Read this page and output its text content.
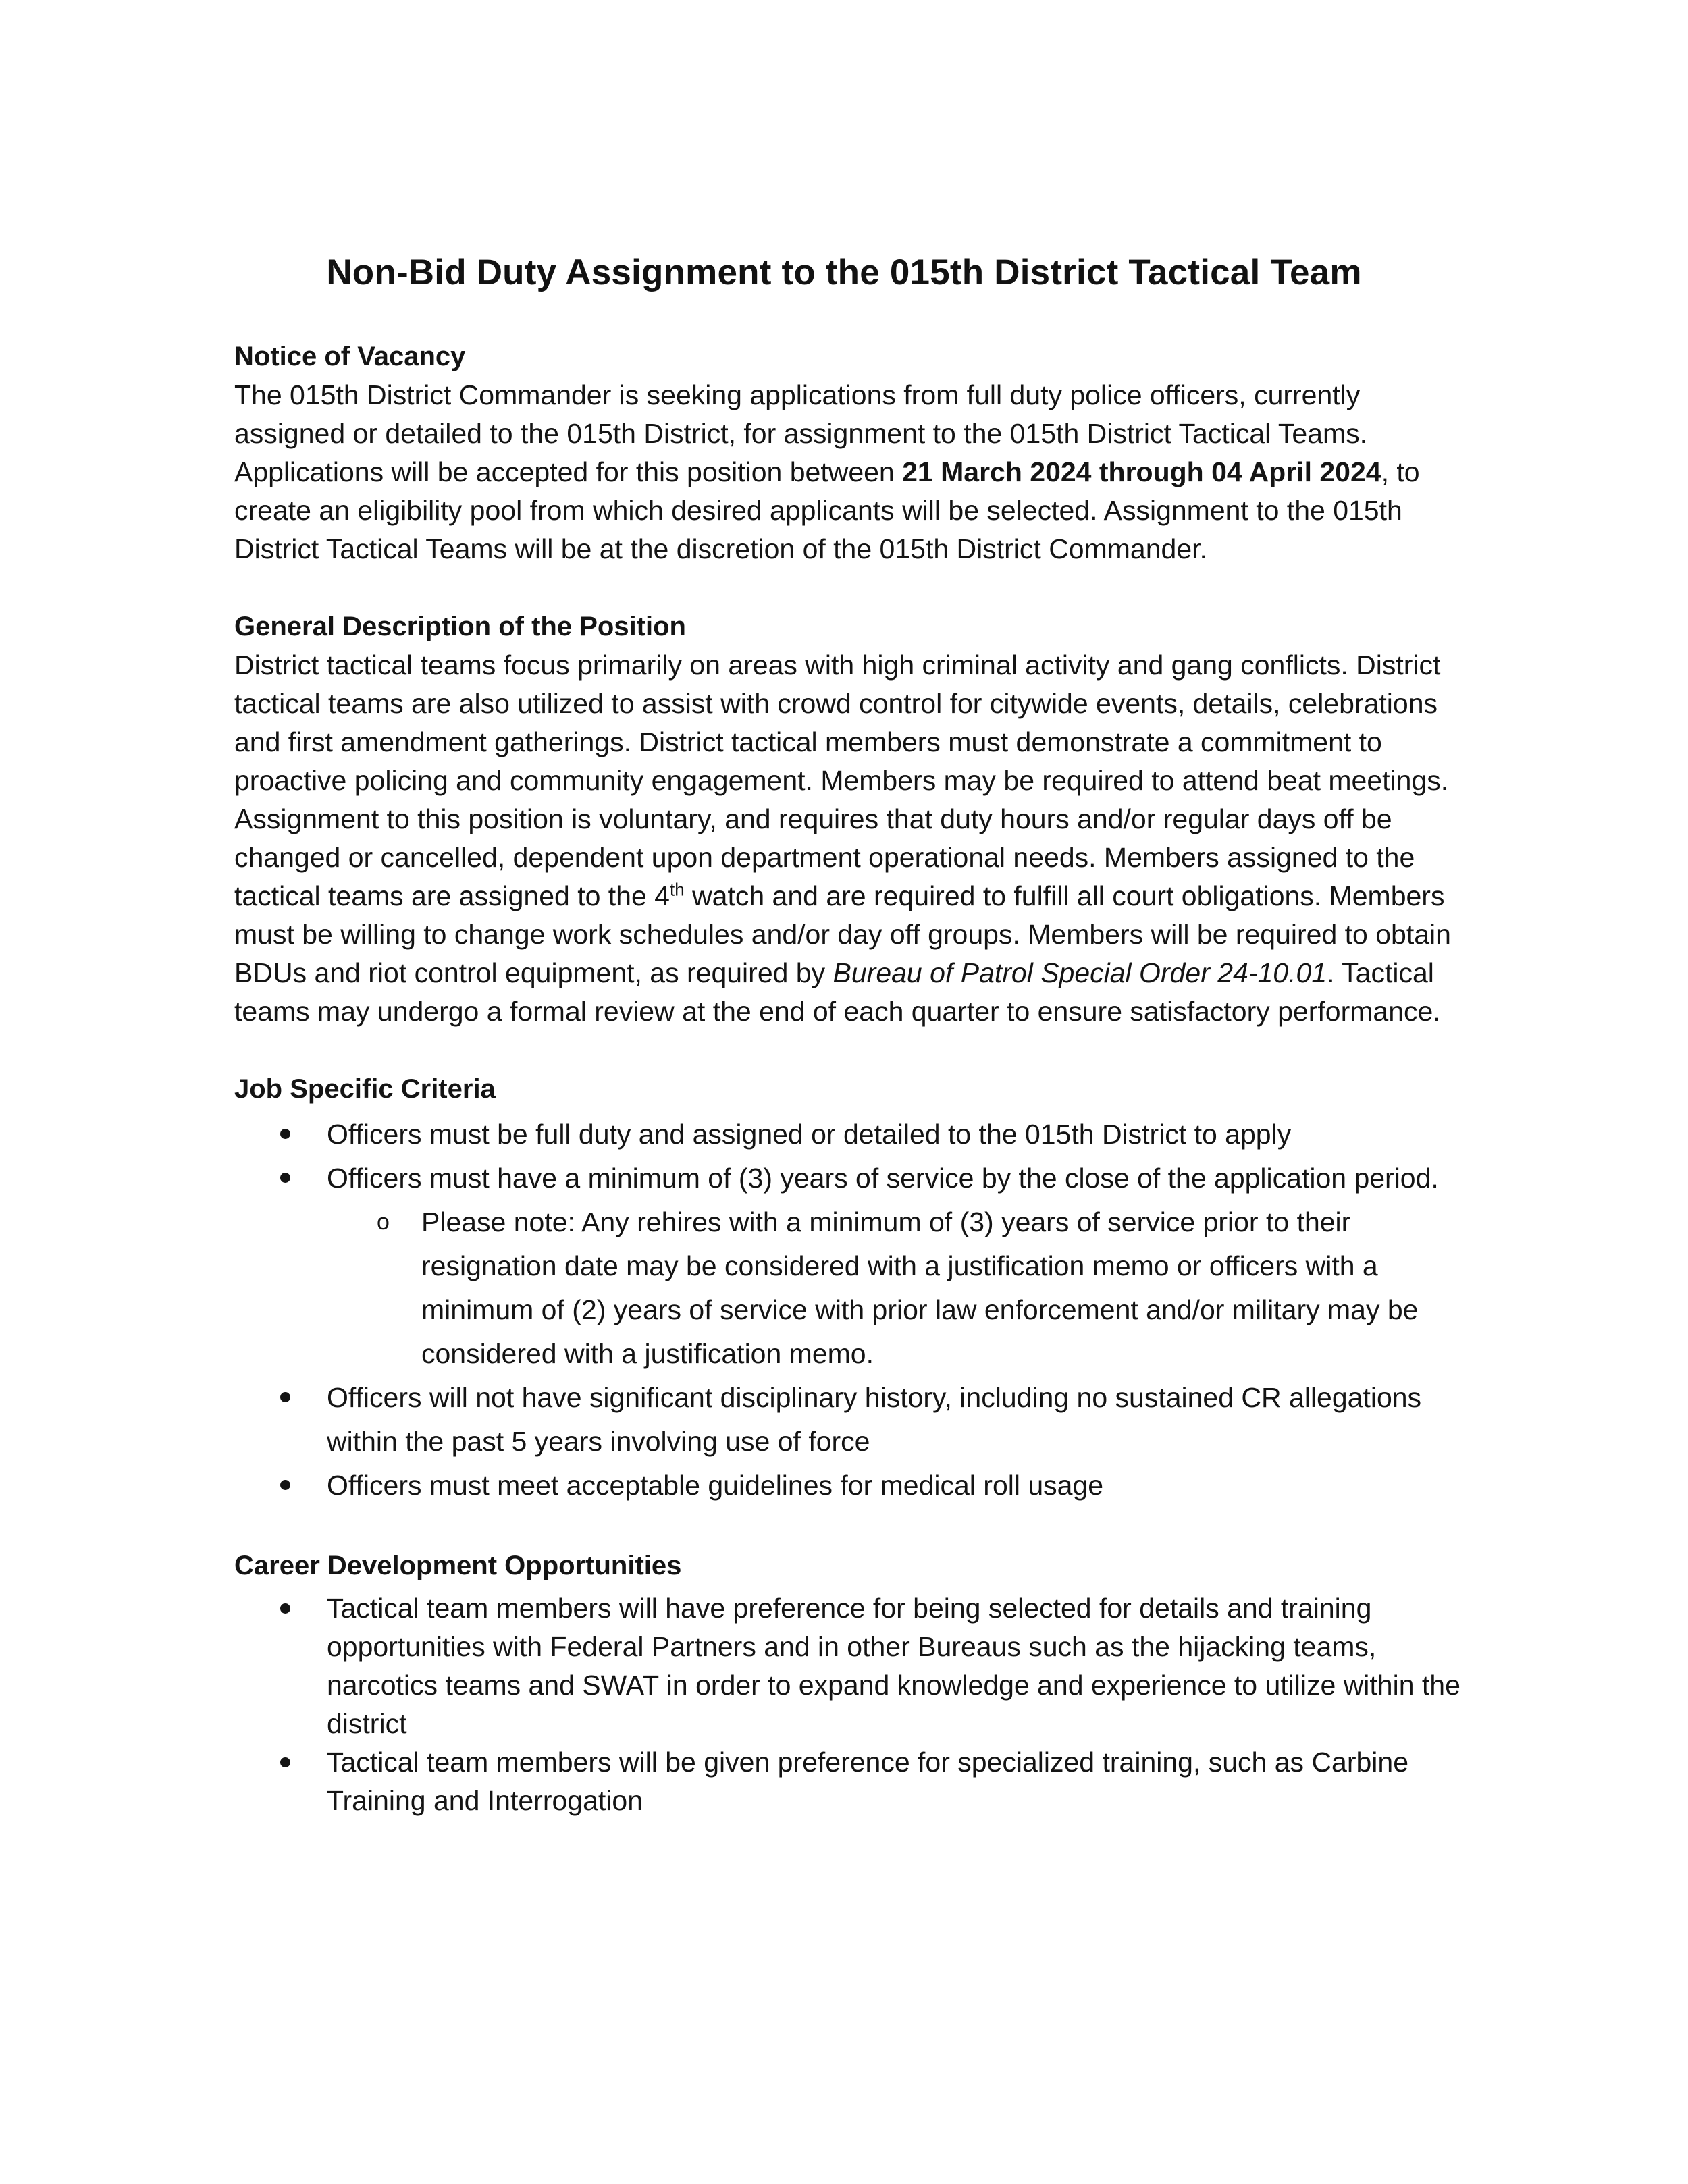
Non-Bid Duty Assignment to the 015th District Tactical Team

Notice of Vacancy

The 015th District Commander is seeking applications from full duty police officers, currently assigned or detailed to the 015th District, for assignment to the 015th District Tactical Teams. Applications will be accepted for this position between 21 March 2024 through 04 April 2024, to create an eligibility pool from which desired applicants will be selected. Assignment to the 015th District Tactical Teams will be at the discretion of the 015th District Commander.

General Description of the Position

District tactical teams focus primarily on areas with high criminal activity and gang conflicts. District tactical teams are also utilized to assist with crowd control for citywide events, details, celebrations and first amendment gatherings. District tactical members must demonstrate a commitment to proactive policing and community engagement. Members may be required to attend beat meetings. Assignment to this position is voluntary, and requires that duty hours and/or regular days off be changed or cancelled, dependent upon department operational needs. Members assigned to the tactical teams are assigned to the 4th watch and are required to fulfill all court obligations. Members must be willing to change work schedules and/or day off groups. Members will be required to obtain BDUs and riot control equipment, as required by Bureau of Patrol Special Order 24-10.01. Tactical teams may undergo a formal review at the end of each quarter to ensure satisfactory performance.

Job Specific Criteria

Officers must be full duty and assigned or detailed to the 015th District to apply
Officers must have a minimum of (3) years of service by the close of the application period.
o Please note: Any rehires with a minimum of (3) years of service prior to their resignation date may be considered with a justification memo or officers with a minimum of (2) years of service with prior law enforcement and/or military may be considered with a justification memo.
Officers will not have significant disciplinary history, including no sustained CR allegations within the past 5 years involving use of force
Officers must meet acceptable guidelines for medical roll usage

Career Development Opportunities

Tactical team members will have preference for being selected for details and training opportunities with Federal Partners and in other Bureaus such as the hijacking teams, narcotics teams and SWAT in order to expand knowledge and experience to utilize within the district
Tactical team members will be given preference for specialized training, such as Carbine Training and Interrogation
